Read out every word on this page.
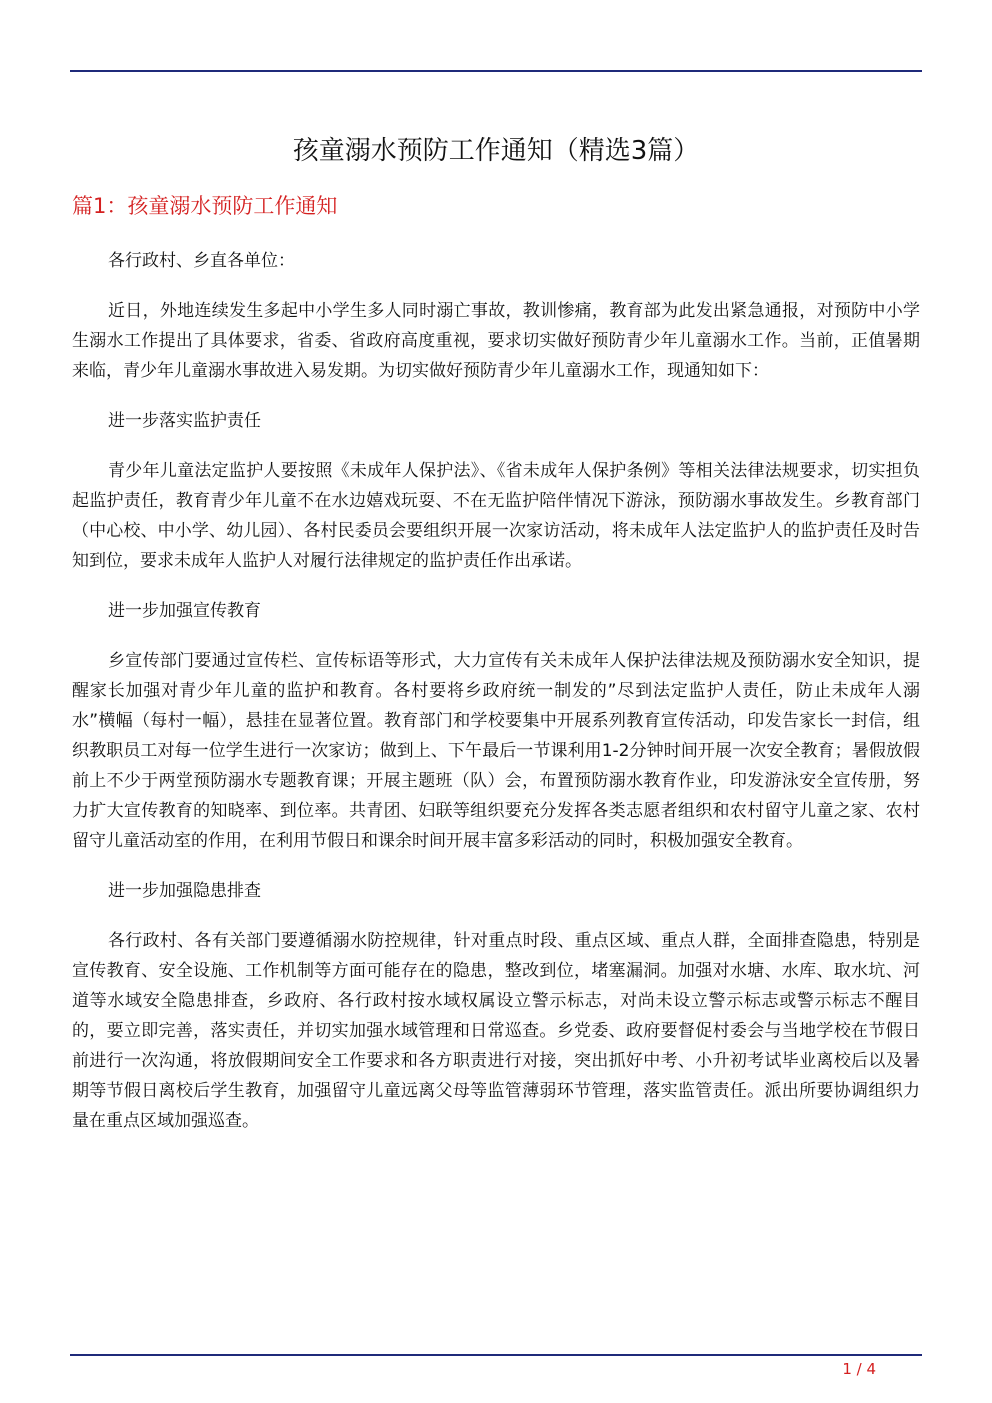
孩童溺水预防工作通知（精选3篇）
篇1：孩童溺水预防工作通知

各行政村、乡直各单位：

近日，外地连续发生多起中小学生多人同时溺亡事故，教训惨痛，教育部为此发出紧急通报，对预防中小学生溺水工作提出了具体要求，省委、省政府高度重视，要求切实做好预防青少年儿童溺水工作。当前，正值暑期来临，青少年儿童溺水事故进入易发期。为切实做好预防青少年儿童溺水工作，现通知如下：

进一步落实监护责任

青少年儿童法定监护人要按照《未成年人保护法》、《省未成年人保护条例》等相关法律法规要求，切实担负起监护责任，教育青少年儿童不在水边嬉戏玩耍、不在无监护陪伴情况下游泳，预防溺水事故发生。乡教育部门（中心校、中小学、幼儿园）、各村民委员会要组织开展一次家访活动，将未成年人法定监护人的监护责任及时告知到位，要求未成年人监护人对履行法律规定的监护责任作出承诺。

进一步加强宣传教育

乡宣传部门要通过宣传栏、宣传标语等形式，大力宣传有关未成年人保护法律法规及预防溺水安全知识，提醒家长加强对青少年儿童的监护和教育。各村要将乡政府统一制发的”尽到法定监护人责任，防止未成年人溺水”横幅（每村一幅），悬挂在显著位置。教育部门和学校要集中开展系列教育宣传活动，印发告家长一封信，组织教职员工对每一位学生进行一次家访；做到上、下午最后一节课利用1-2分钟时间开展一次安全教育；暑假放假前上不少于两堂预防溺水专题教育课；开展主题班（队）会，布置预防溺水教育作业，印发游泳安全宣传册，努力扩大宣传教育的知晓率、到位率。共青团、妇联等组织要充分发挥各类志愿者组织和农村留守儿童之家、农村留守儿童活动室的作用，在利用节假日和课余时间开展丰富多彩活动的同时，积极加强安全教育。

进一步加强隐患排查

各行政村、各有关部门要遵循溺水防控规律，针对重点时段、重点区域、重点人群，全面排查隐患，特别是宣传教育、安全设施、工作机制等方面可能存在的隐患，整改到位，堵塞漏洞。加强对水塘、水库、取水坑、河道等水域安全隐患排查，乡政府、各行政村按水域权属设立警示标志，对尚未设立警示标志或警示标志不醒目的，要立即完善，落实责任，并切实加强水域管理和日常巡查。乡党委、政府要督促村委会与当地学校在节假日前进行一次沟通，将放假期间安全工作要求和各方职责进行对接，突出抓好中考、小升初考试毕业离校后以及暑期等节假日离校后学生教育，加强留守儿童远离父母等监管薄弱环节管理，落实监管责任。派出所要协调组织力量在重点区域加强巡查。

1 / 4
